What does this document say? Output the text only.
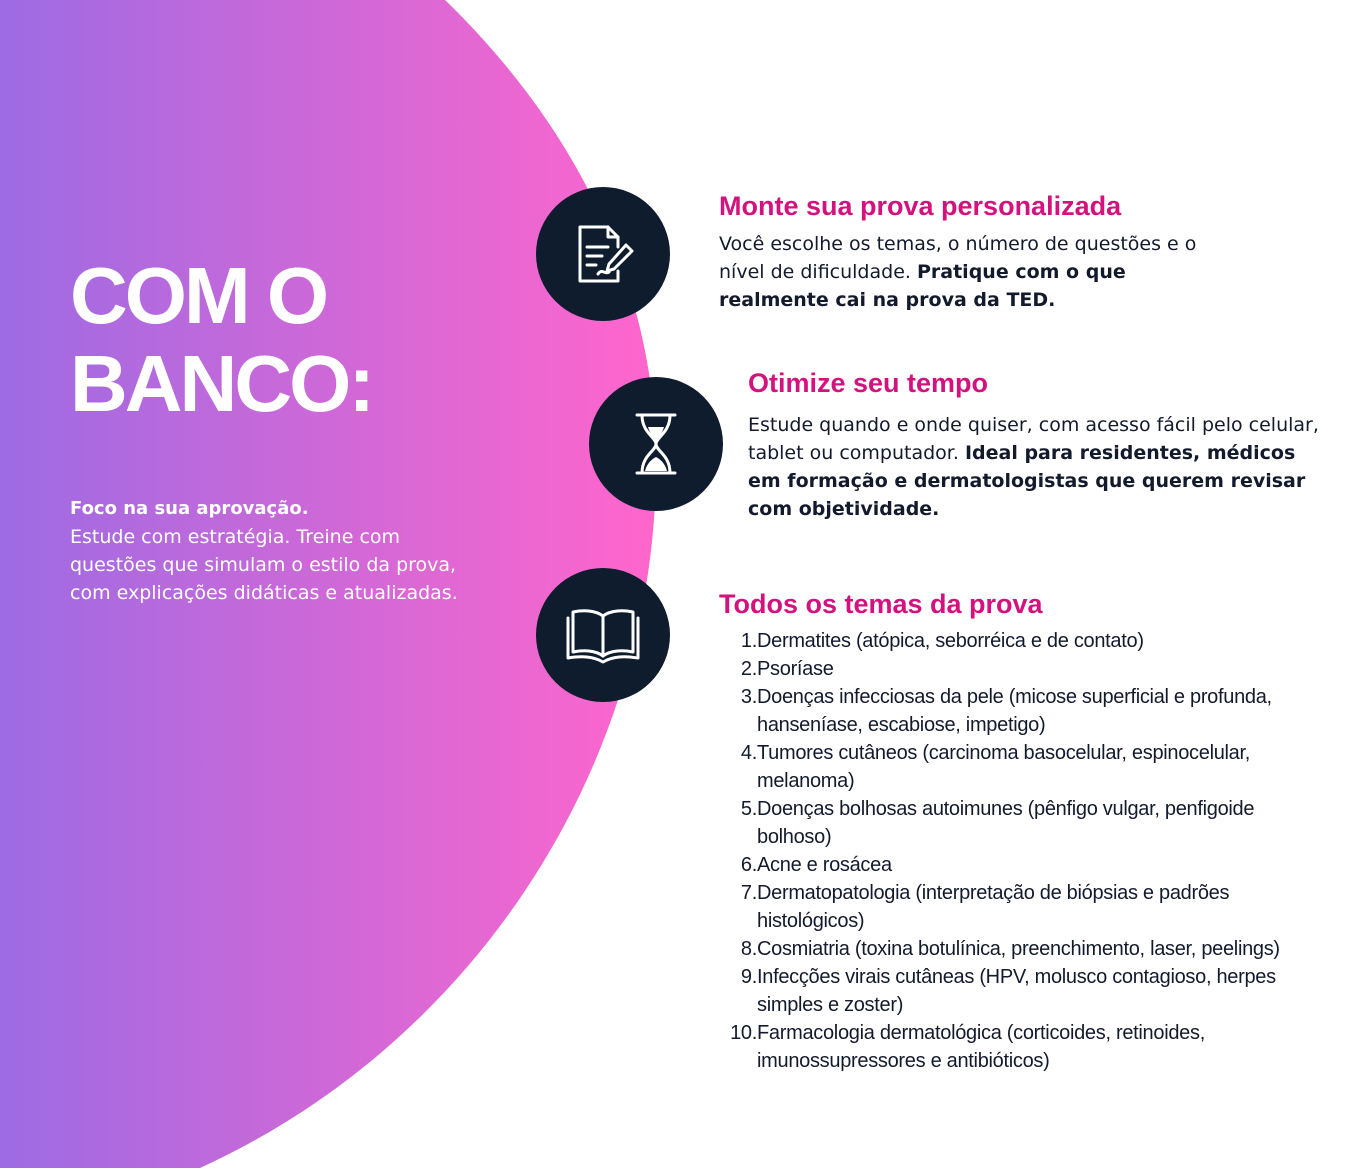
COM O
BANCO:

Foco na sua aprovação.
Estude com estratégia. Treine com questões que simulam o estilo da prova, com explicações didáticas e atualizadas.

Monte sua prova personalizada

Você escolhe os temas, o número de questões e o nível de dificuldade. Pratique com o que realmente cai na prova da TED.

Otimize seu tempo

Estude quando e onde quiser, com acesso fácil pelo celular, tablet ou computador. Ideal para residentes, médicos em formação e dermatologistas que querem revisar com objetividade.

Todos os temas da prova
1. Dermatites (atópica, seborréica e de contato)
2. Psoríase
3. Doenças infecciosas da pele (micose superficial e profunda, hanseníase, escabiose, impetigo)
4. Tumores cutâneos (carcinoma basocelular, espinocelular, melanoma)
5. Doenças bolhosas autoimunes (pênfigo vulgar, penfigoide bolhoso)
6. Acne e rosácea
7. Dermatopatologia (interpretação de biópsias e padrões histológicos)
8. Cosmiatria (toxina botulínica, preenchimento, laser, peelings)
9. Infecções virais cutâneas (HPV, molusco contagioso, herpes simples e zoster)
10. Farmacologia dermatológica (corticoides, retinoides, imunossupressores e antibióticos)
